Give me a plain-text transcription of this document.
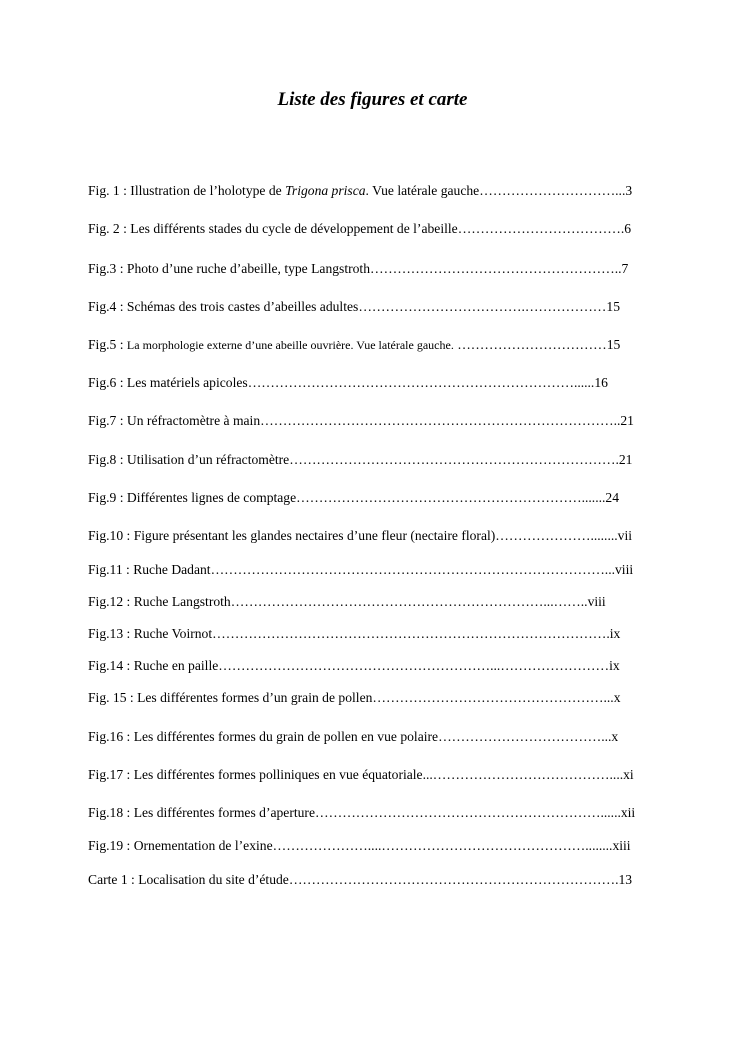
Liste des figures et carte

Fig. 1 : Illustration de l’holotype de Trigona prisca. Vue latérale gauche…………………………...3

Fig. 2 : Les différents stades du cycle de développement de l’abeille……………………………….6

Fig.3 : Photo d’une ruche d’abeille, type Langstroth………………………………………………..7

Fig.4 : Schémas des trois castes d’abeilles adultes……………………………….………………15

Fig.5 : La morphologie externe d’une abeille ouvrière. Vue latérale gauche. ……………………………15

Fig.6 : Les matériels apicoles………………………………………………………………......16

Fig.7 : Un réfractomètre à main……………………………………………………………………..21

Fig.8 : Utilisation d’un réfractomètre……………………………………………………………….21

Fig.9 : Différentes lignes de comptage……………………………………………………….......24

Fig.10 : Figure présentant les glandes nectaires d’une fleur (nectaire floral)…………………........vii

Fig.11 : Ruche Dadant……………………………………………………………………………...viii

Fig.12 : Ruche Langstroth……………………………………………………………...……..viii

Fig.13 : Ruche Voirnot…………………………………………………………………………….ix

Fig.14 : Ruche en paille……………………………………………………...……………………ix

Fig. 15 : Les différentes formes d’un grain de pollen……………………………………………...x

Fig.16 : Les différentes formes du grain de pollen en vue polaire………………………………...x

Fig.17 : Les différentes formes polliniques en vue équatoriale...…………………………………....xi

Fig.18 : Les différentes formes d’aperture………………………………………………………......xii

Fig.19 : Ornementation de l’exine…………………....………………………………………........xiii

Carte 1 : Localisation du site d’étude……………………………………………………………….13
